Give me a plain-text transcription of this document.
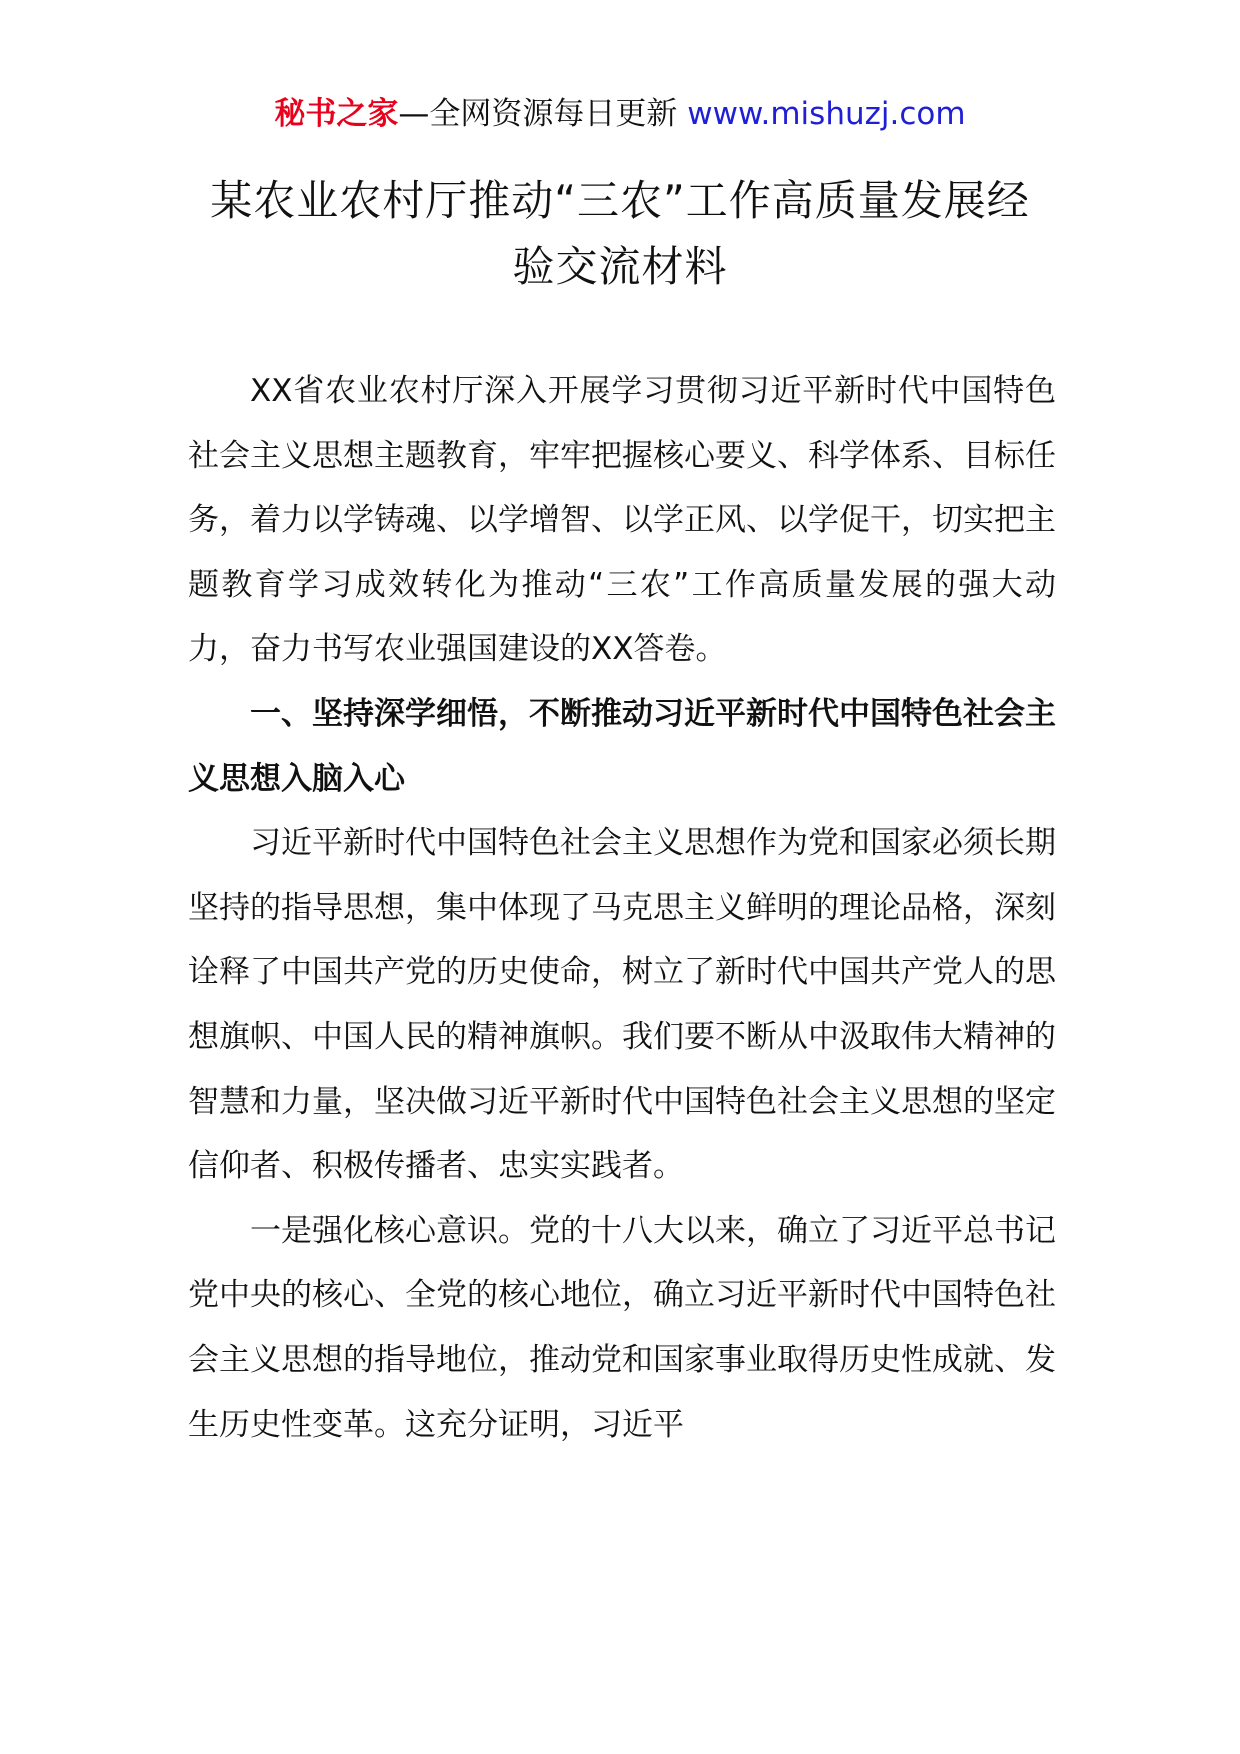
秘书之家—全网资源每日更新 www.mishuzj.com
某农业农村厅推动“三农”工作高质量发展经验交流材料

XX省农业农村厅深入开展学习贯彻习近平新时代中国特色社会主义思想主题教育，牢牢把握核心要义、科学体系、目标任务，着力以学铸魂、以学增智、以学正风、以学促干，切实把主题教育学习成效转化为推动“三农”工作高质量发展的强大动力，奋力书写农业强国建设的XX答卷。

一、坚持深学细悟，不断推动习近平新时代中国特色社会主义思想入脑入心

习近平新时代中国特色社会主义思想作为党和国家必须长期坚持的指导思想，集中体现了马克思主义鲜明的理论品格，深刻诠释了中国共产党的历史使命，树立了新时代中国共产党人的思想旗帜、中国人民的精神旗帜。我们要不断从中汲取伟大精神的智慧和力量，坚决做习近平新时代中国特色社会主义思想的坚定信仰者、积极传播者、忠实实践者。

一是强化核心意识。党的十八大以来，确立了习近平总书记党中央的核心、全党的核心地位，确立习近平新时代中国特色社会主义思想的指导地位，推动党和国家事业取得历史性成就、发生历史性变革。这充分证明，习近平
